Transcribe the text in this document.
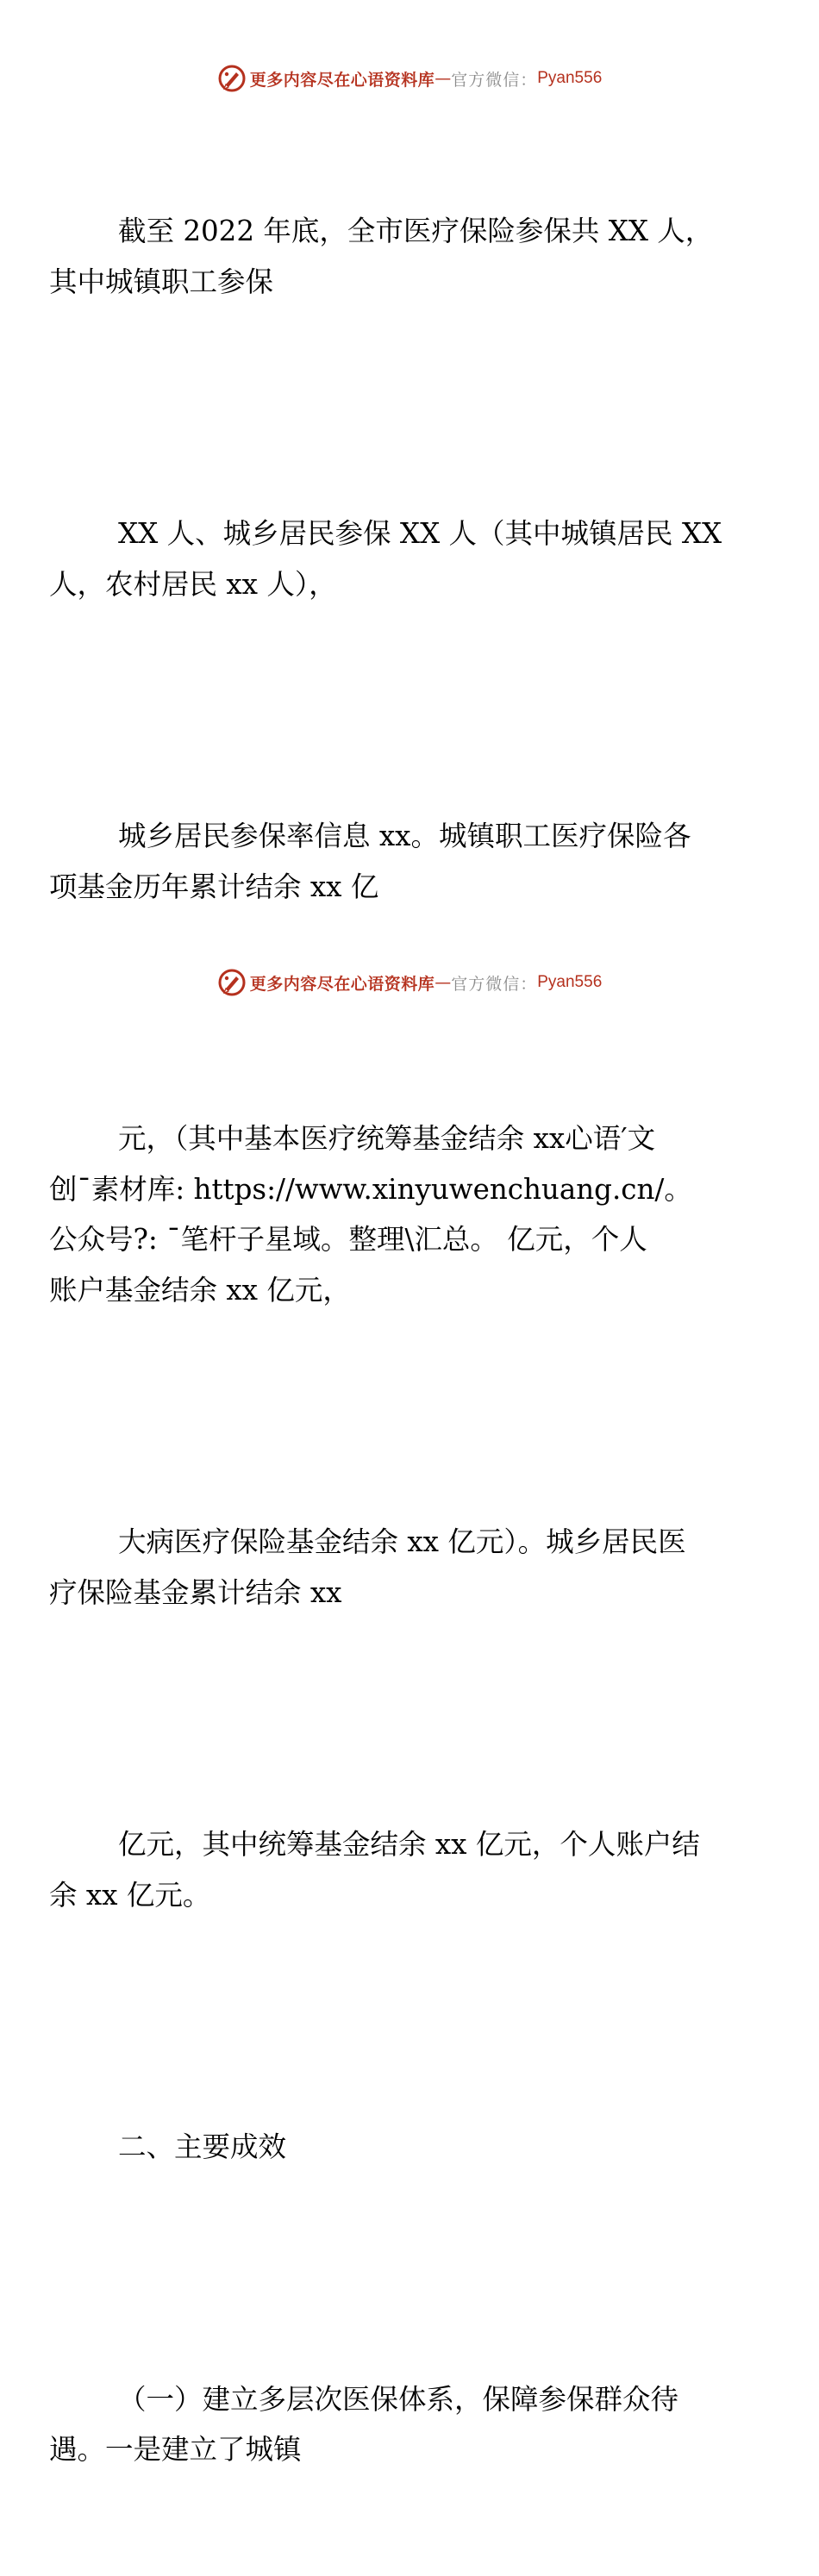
更多内容尽在心语资料库 — 官方微信： Pyan556

截至 2022 年底，全市医疗保险参保共 XX 人，
其中城镇职工参保

XX 人、城乡居民参保 XX 人（其中城镇居民 XX
人，农村居民 xx 人），

城乡居民参保率信息 xx。城镇职工医疗保险各
项基金历年累计结余 xx 亿

元，（其中基本医疗统筹基金结余 xx心语′文
创¯素材库: https://www.xinyuwenchuang.cn/。
公众号?: ¯笔杆子星域。整理\汇总。 亿元，个人
账户基金结余 xx 亿元，

大病医疗保险基金结余 xx 亿元）。城乡居民医
疗保险基金累计结余 xx

亿元，其中统筹基金结余 xx 亿元，个人账户结
余 xx 亿元。

二、主要成效

（一）建立多层次医保体系，保障参保群众待
遇。一是建立了城镇

更多内容尽在心语资料库 — 官方微信： Pyan556
